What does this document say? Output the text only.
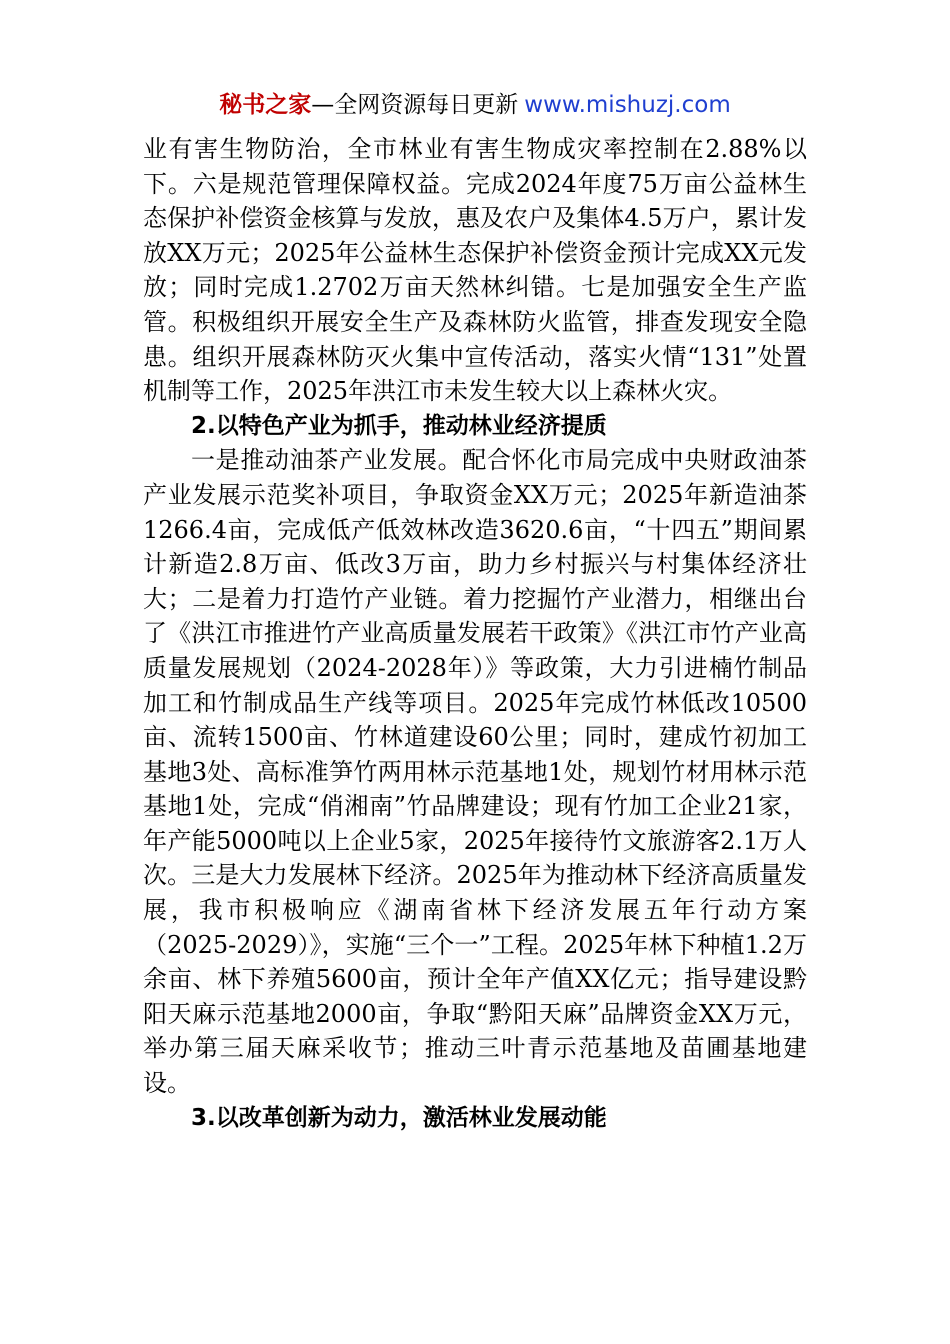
秘书之家—全网资源每日更新 www.mishuzj.com

业有害生物防治，全市林业有害生物成灾率控制在2.88%以下。六是规范管理保障权益。完成2024年度75万亩公益林生态保护补偿资金核算与发放，惠及农户及集体4.5万户，累计发放XX万元；2025年公益林生态保护补偿资金预计完成XX元发放；同时完成1.2702万亩天然林纠错。七是加强安全生产监管。积极组织开展安全生产及森林防火监管，排查发现安全隐患。组织开展森林防灭火集中宣传活动，落实火情“131”处置机制等工作，2025年洪江市未发生较大以上森林火灾。

2.以特色产业为抓手，推动林业经济提质

一是推动油茶产业发展。配合怀化市局完成中央财政油茶产业发展示范奖补项目，争取资金XX万元；2025年新造油茶1266.4亩，完成低产低效林改造3620.6亩，“十四五”期间累计新造2.8万亩、低改3万亩，助力乡村振兴与村集体经济壮大；二是着力打造竹产业链。着力挖掘竹产业潜力，相继出台了《洪江市推进竹产业高质量发展若干政策》《洪江市竹产业高质量发展规划（2024-2028年）》等政策，大力引进楠竹制品加工和竹制成品生产线等项目。2025年完成竹林低改10500亩、流转1500亩、竹林道建设60公里；同时，建成竹初加工基地3处、高标准笋竹两用林示范基地1处，规划竹材用林示范基地1处，完成“俏湘南”竹品牌建设；现有竹加工企业21家，年产能5000吨以上企业5家，2025年接待竹文旅游客2.1万人次。三是大力发展林下经济。2025年为推动林下经济高质量发展，我市积极响应《湖南省林下经济发展五年行动方案（2025-2029）》，实施“三个一”工程。2025年林下种植1.2万余亩、林下养殖5600亩，预计全年产值XX亿元；指导建设黔阳天麻示范基地2000亩，争取“黔阳天麻”品牌资金XX万元，举办第三届天麻采收节；推动三叶青示范基地及苗圃基地建设。

3.以改革创新为动力，激活林业发展动能
